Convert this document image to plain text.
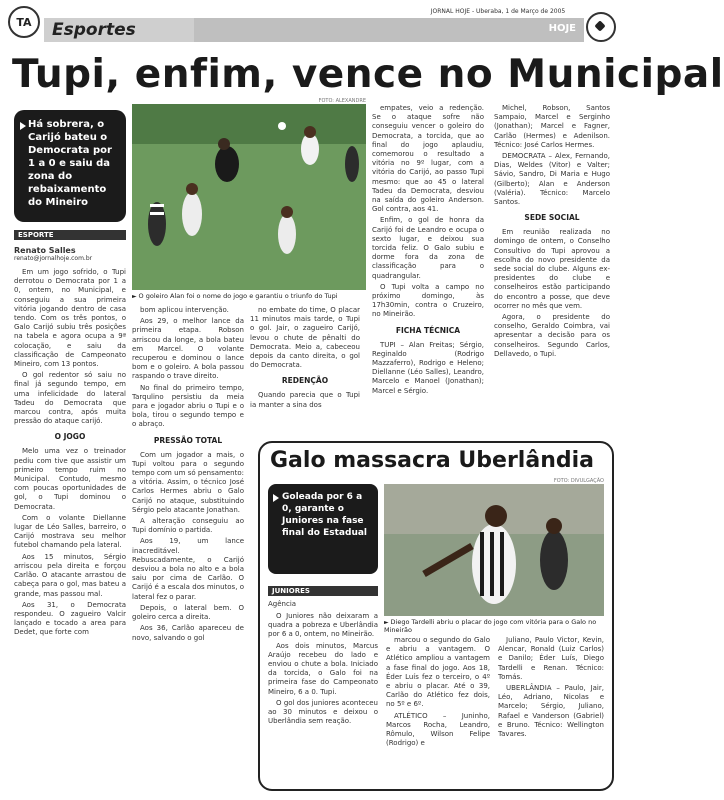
TA	Esportes	HOJE
JORNAL HOJE - Uberaba, 1 de Março de 2005
Tupi, enfim, vence no Municipal
Há sobrera, o Carijó bateu o Democrata por 1 a 0 e saiu da zona do rebaixamento do Mineiro
ESPORTE
Renato Salles
renato@jornalhoje.com.br

Em um jogo sofrido, o Tupi derrotou o Democrata por 1 a 0, ontem, no Municipal, e conseguiu a sua primeira vitória jogando dentro de casa tendo. Com os três pontos, o Galo Carijó subiu três posições na tabela e agora ocupa a 9ª colocação, e saiu da classificação de Campeonato Mineiro, com 13 pontos.

O gol redentor só saiu no final já segundo tempo, em uma infelicidade do lateral Tadeu do Democrata que marcou contra, após muita pressão do ataque carijó.

O JOGO

Melo uma vez o treinador pediu com tive que assistir um primeiro tempo ruim no Municipal. Contudo, mesmo com poucas oportunidades de gol, o Tupi dominou o Democrata.

Com o volante Diellanne lugar de Léo Salles, barreiro, o Carijó mostrava seu melhor futebol chamando pela lateral.

Aos 15 minutos, Sérgio arriscou pela direita e forçou Carlão. O atacante arrastou de cabeça para o gol, mas bateu a grande, mas passou mal.

Aos 31, o Democrata respondeu. O zagueiro Valcir lançado e tocado a area para Dedet, que forte com

FOTO: ALEXANDRE
► O goleiro Alan foi o nome do jogo e garantiu o triunfo do Tupi

bom aplicou intervenção.

Aos 29, o melhor lance da primeira etapa. Robson arriscou da longe, a bola bateu em Marcel. O volante recuperou e dominou o lance bom e o goleiro. A bola passou raspando o trave direito.

No final do primeiro tempo, Tarqulino persistiu da meia para e jogador abriu o Tupi e o bola, tirou o segundo tempo e o abraço.

PRESSÃO TOTAL

Com um jogador a mais, o Tupi voltou para o segundo tempo com um só pensamento: a vitória. Assim, o técnico José Carlos Hermes abriu o Galo Carijó no ataque, substituindo Sérgio pelo atacante Jonathan.

A alteração conseguiu ao Tupi domínio o partida.

Aos 19, um lance inacreditável. Rebuscadamente, o Carijó desviou a bola no alto e a bola saiu por cima de Carlão. O Carijó é a escala dos minutos, o lateral fez o parar.

Depois, o lateral bem. O goleiro cerca a direita.

Aos 36, Carlão apareceu de novo, salvando o gol

no embate do time, O placar 11 minutos mais tarde, o Tupi o gol. Jair, o zagueiro Carijó, levou o chute de pênalti do Democrata. Meio a, cabeceou depois da canto direita, o gol do Democrata.

REDENÇÃO

Quando parecia que o Tupi ia manter a sina dos

empates, veio a redenção. Se o ataque sofre não conseguiu vencer o goleiro do Democrata, a torcida, que ao final do jogo aplaudiu, comemorou o resultado a vitória no 9º lugar, com a vitória do Carijó, ao passo Tupi mesmo: que ao 45 o lateral Tadeu da Democrata, desviou na saída do goleiro Anderson. Gol contra, aos 41.

Enfim, o gol de honra da Carijó foi de Leandro e ocupa o sexto lugar, e deixou sua torcida feliz. O Galo subiu e dorme fora da zona de classificação para o quadrangular.

O Tupi volta a campo no próximo domingo, às 17h30min, contra o Cruzeiro, no Mineirão.

FICHA TÉCNICA

TUPI – Alan Freitas; Sérgio, Reginaldo (Rodrigo Mazzaferro), Rodrigo e Heleno; Diellanne (Léo Salles), Leandro, Marcelo e Manoel (Jonathan); Marcel e Sérgio.

Michel, Robson, Santos Sampaio, Marcel e Serginho (Jonathan); Marcel e Fagner, Carlão (Hermes) e Adenilson. Técnico: José Carlos Hermes.

DEMOCRATA – Alex, Fernando, Dias, Weldes (Vitor) e Valter; Sávio, Sandro, Di Maria e Hugo (Gilberto); Alan e Anderson (Valéria). Técnico: Marcelo Santos.

SEDE SOCIAL

Em reunião realizada no domingo de ontem, o Conselho Consultivo do Tupi aprovou a escolha do novo presidente da sede social do clube. Alguns ex-presidentes do clube e conselheiros estão participando do encontro a posse, que deve ocorrer no mês que vem.

Agora, o presidente do conselho, Geraldo Coimbra, vai apresentar a decisão para os conselheiros. Segundo Carlos, Dellavedo, o Tupi.

Galo massacra Uberlândia
Goleada por 6 a 0, garante o Juniores na fase final do Estadual
JUNIORES
FOTO: DIVULGAÇÃO
► Diego Tardelli abriu o placar do jogo com vitória para o Galo no Mineirão
Agência

O Juniores não deixaram a quadra a pobreza e Uberlândia por 6 a 0, ontem, no Mineirão.

Aos dois minutos, Marcus Araújo recebeu do lado e enviou o chute a bola. Iniciado da torcida, o Galo foi na primeira fase do Campeonato Mineiro, 6 a 0. Tupi.

O gol dos juniores aconteceu ao 30 minutos e deixou o Uberlândia sem reação.

marcou o segundo do Galo e abriu a vantagem. O Atlético ampliou a vantagem a fase final do jogo. Aos 18, Éder Luís fez o terceiro, o 4º e abriu o placar. Até o 39, Carlão do Atlético fez dois, no 5º e 6º.

ATLÉTICO – Juninho, Marcos Rocha, Leandro, Rômulo, Wilson Felipe (Rodrigo) e

Juliano, Paulo Victor, Kevin, Alencar, Ronald (Luiz Carlos) e Danilo; Éder Luís, Diego Tardelli e Renan. Técnico: Tomás.

UBERLÂNDIA – Paulo, Jair, Léo, Adriano, Nicolas e Marcelo; Sérgio, Juliano, Rafael e Vanderson (Gabriel) e Bruno. Técnico: Wellington Tavares.
